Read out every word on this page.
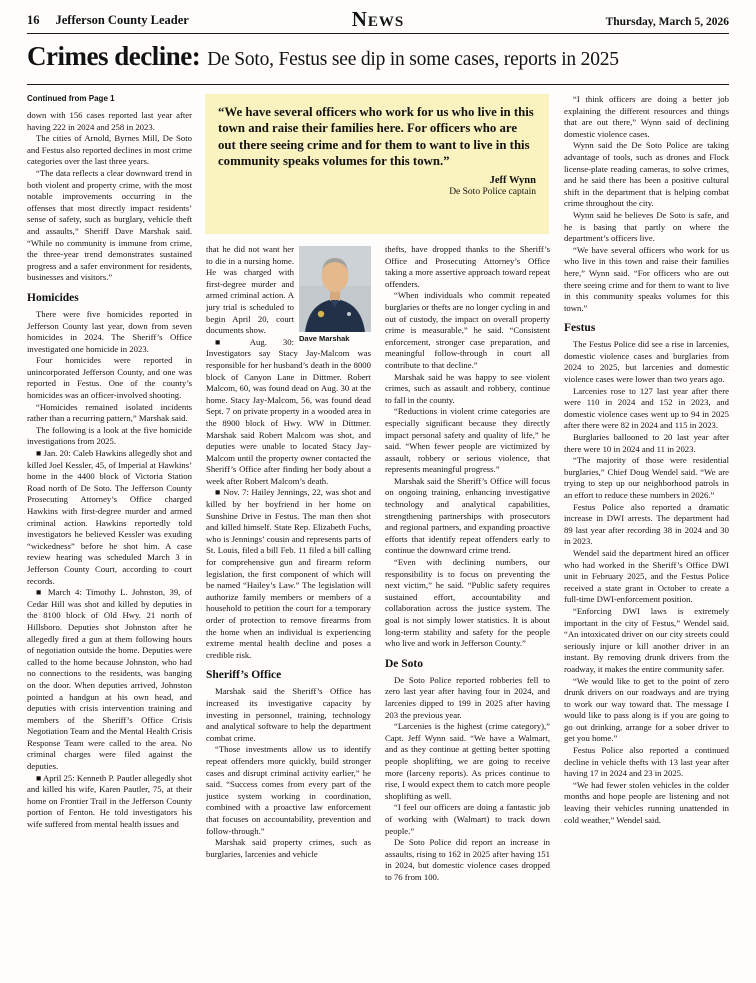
16 Jefferson County Leader	News	Thursday, March 5, 2026
Crimes decline: De Soto, Festus see dip in some cases, reports in 2025

“We have several officers who work for us who live in this town and raise their families here. For officers who are out there seeing crime and for them to want to live in this community speaks volumes for this town.”

Jeff Wynn
De Soto Police captain
Continued from Page 1

down with 156 cases reported last year after having 222 in 2024 and 258 in 2023.

The cities of Arnold, Byrnes Mill, De Soto and Festus also reported declines in most crime categories over the last three years.

“The data reflects a clear downward trend in both violent and property crime, with the most notable improvements occurring in the offenses that most directly impact residents’ sense of safety, such as burglary, vehicle theft and assaults,” Sheriff Dave Marshak said. “While no community is immune from crime, the three-year trend demonstrates sustained progress and a safer environment for residents, businesses and visitors.”

Homicides

There were five homicides reported in Jefferson County last year, down from seven homicides in 2024. The Sheriff’s Office investigated one homicide in 2023.

Four homicides were reported in unincorporated Jefferson County, and one was reported in Festus. One of the county’s homicides was an officer-involved shooting.

“Homicides remained isolated incidents rather than a recurring pattern,” Marshak said.

The following is a look at the five homicide investigations from 2025.

■ Jan. 20: Caleb Hawkins allegedly shot and killed Joel Kessler, 45, of Imperial at Hawkins’ home in the 4400 block of Victoria Station Road north of De Soto. The Jefferson County Prosecuting Attorney’s Office charged Hawkins with first-degree murder and armed criminal action. Hawkins reportedly told investigators he believed Kessler was exuding “wickedness” before he shot him. A case review hearing was scheduled March 3 in Jefferson County Court, according to court records.

■ March 4: Timothy L. Johnston, 39, of Cedar Hill was shot and killed by deputies in the 8100 block of Old Hwy. 21 north of Hillsboro. Deputies shot Johnston after he allegedly fired a gun at them following hours of negotiation outside the home. Deputies were called to the home because Johnston, who had no connections to the residents, was banging on the door. When deputies arrived, Johnston pointed a handgun at his own head, and deputies with crisis intervention training and members of the Sheriff’s Office Crisis Negotiation Team and the Mental Health Crisis Response Team were called to the area. No criminal charges were filed against the deputies.

■ April 25: Kenneth P. Pautler allegedly shot and killed his wife, Karen Pautler, 75, at their home on Frontier Trail in the Jefferson County portion of Fenton. He told investigators his wife suffered from mental health issues and

Dave Marshak

that he did not want her to die in a nursing home. He was charged with first-degree murder and armed criminal action. A jury trial is scheduled to begin April 20, court documents show.

■ Aug. 30: Investigators say Stacy Jay-Malcom was responsible for her husband’s death in the 8000 block of Canyon Lane in Dittmer. Robert Malcom, 60, was found dead on Aug. 30 at the home. Stacy Jay-Malcom, 56, was found dead Sept. 7 on private property in a wooded area in the 8900 block of Hwy. WW in Dittmer. Marshak said Robert Malcom was shot, and deputies were unable to located Stacy Jay-Malcom until the property owner contacted the Sheriff’s Office after finding her body about a week after Robert Malcom’s death.

■ Nov. 7: Hailey Jennings, 22, was shot and killed by her boyfriend in her home on Sunshine Drive in Festus. The man then shot and killed himself. State Rep. Elizabeth Fuchs, who is Jennings’ cousin and represents parts of St. Louis, filed a bill Feb. 11 filed a bill calling for comprehensive gun and firearm reform legislation, the first component of which will be named “Hailey’s Law.” The legislation will authorize family members or members of a household to petition the court for a temporary order of protection to remove firearms from the home when an individual is experiencing extreme mental health decline and poses a credible risk.

Sheriff’s Office

Marshak said the Sheriff’s Office has increased its investigative capacity by investing in personnel, training, technology and analytical software to help the department combat crime.

“Those investments allow us to identify repeat offenders more quickly, build stronger cases and disrupt criminal activity earlier,” he said. “Success comes from every part of the justice system working in coordination, combined with a proactive law enforcement that focuses on accountability, prevention and follow-through.”

Marshak said property crimes, such as burglaries, larcenies and vehicle

thefts, have dropped thanks to the Sheriff’s Office and Prosecuting Attorney’s Office taking a more assertive approach toward repeat offenders.

“When individuals who commit repeated burglaries or thefts are no longer cycling in and out of custody, the impact on overall property crime is measurable,” he said. “Consistent enforcement, stronger case preparation, and meaningful follow-through in court all contribute to that decline.”

Marshak said he was happy to see violent crimes, such as assault and robbery, continue to fall in the county.

“Reductions in violent crime categories are especially significant because they directly impact personal safety and quality of life,” he said. “When fewer people are victimized by assault, robbery or serious violence, that represents meaningful progress.”

Marshak said the Sheriff’s Office will focus on ongoing training, enhancing investigative technology and analytical capabilities, strengthening partnerships with prosecutors and regional partners, and expanding proactive efforts that identify repeat offenders early to continue the downward crime trend.

“Even with declining numbers, our responsibility is to focus on preventing the next victim,” he said. “Public safety requires sustained effort, accountability and collaboration across the justice system. The goal is not simply lower statistics. It is about long-term stability and safety for the people who live and work in Jefferson County.”

De Soto

De Soto Police reported robberies fell to zero last year after having four in 2024, and larcenies dipped to 199 in 2025 after having 203 the previous year.

“Larcenies is the highest (crime category),” Capt. Jeff Wynn said. “We have a Walmart, and as they continue at getting better spotting people shoplifting, we are going to receive more (larceny reports). As prices continue to rise, I would expect them to catch more people shoplifting as well.

“I feel our officers are doing a fantastic job of working with (Walmart) to track down people.”

De Soto Police did report an increase in assaults, rising to 162 in 2025 after having 151 in 2024, but domestic violence cases dropped to 76 from 100.

“I think officers are doing a better job explaining the different resources and things that are out there,” Wynn said of declining domestic violence cases.

Wynn said the De Soto Police are taking advantage of tools, such as drones and Flock license-plate reading cameras, to solve crimes, and he said there has been a positive cultural shift in the department that is helping combat crime throughout the city.

Wynn said he believes De Soto is safe, and he is basing that partly on where the department’s officers live.

“We have several officers who work for us who live in this town and raise their families here,” Wynn said. “For officers who are out there seeing crime and for them to want to live in this community speaks volumes for this town.”

Festus

The Festus Police did see a rise in larcenies, domestic violence cases and burglaries from 2024 to 2025, but larcenies and domestic violence cases were lower than two years ago.

Larcenies rose to 127 last year after there were 110 in 2024 and 152 in 2023, and domestic violence cases went up to 94 in 2025 after there were 82 in 2024 and 115 in 2023.

Burglaries ballooned to 20 last year after there were 10 in 2024 and 11 in 2023.

“The majority of those were residential burglaries,” Chief Doug Wendel said. “We are trying to step up our neighborhood patrols in an effort to reduce these numbers in 2026.”

Festus Police also reported a dramatic increase in DWI arrests. The department had 89 last year after recording 38 in 2024 and 30 in 2023.

Wendel said the department hired an officer who had worked in the Sheriff’s Office DWI unit in February 2025, and the Festus Police received a state grant in October to create a full-time DWI-enforcement position.

“Enforcing DWI laws is extremely important in the city of Festus,” Wendel said. “An intoxicated driver on our city streets could seriously injure or kill another driver in an instant. By removing drunk drivers from the roadway, it makes the entire community safer.

“We would like to get to the point of zero drunk drivers on our roadways and are trying to work our way toward that. The message I would like to pass along is if you are going to go out drinking, arrange for a sober driver to get you home.”

Festus Police also reported a continued decline in vehicle thefts with 13 last year after having 17 in 2024 and 23 in 2025.

“We had fewer stolen vehicles in the colder months and hope people are listening and not leaving their vehicles running unattended in cold weather,” Wendel said.
